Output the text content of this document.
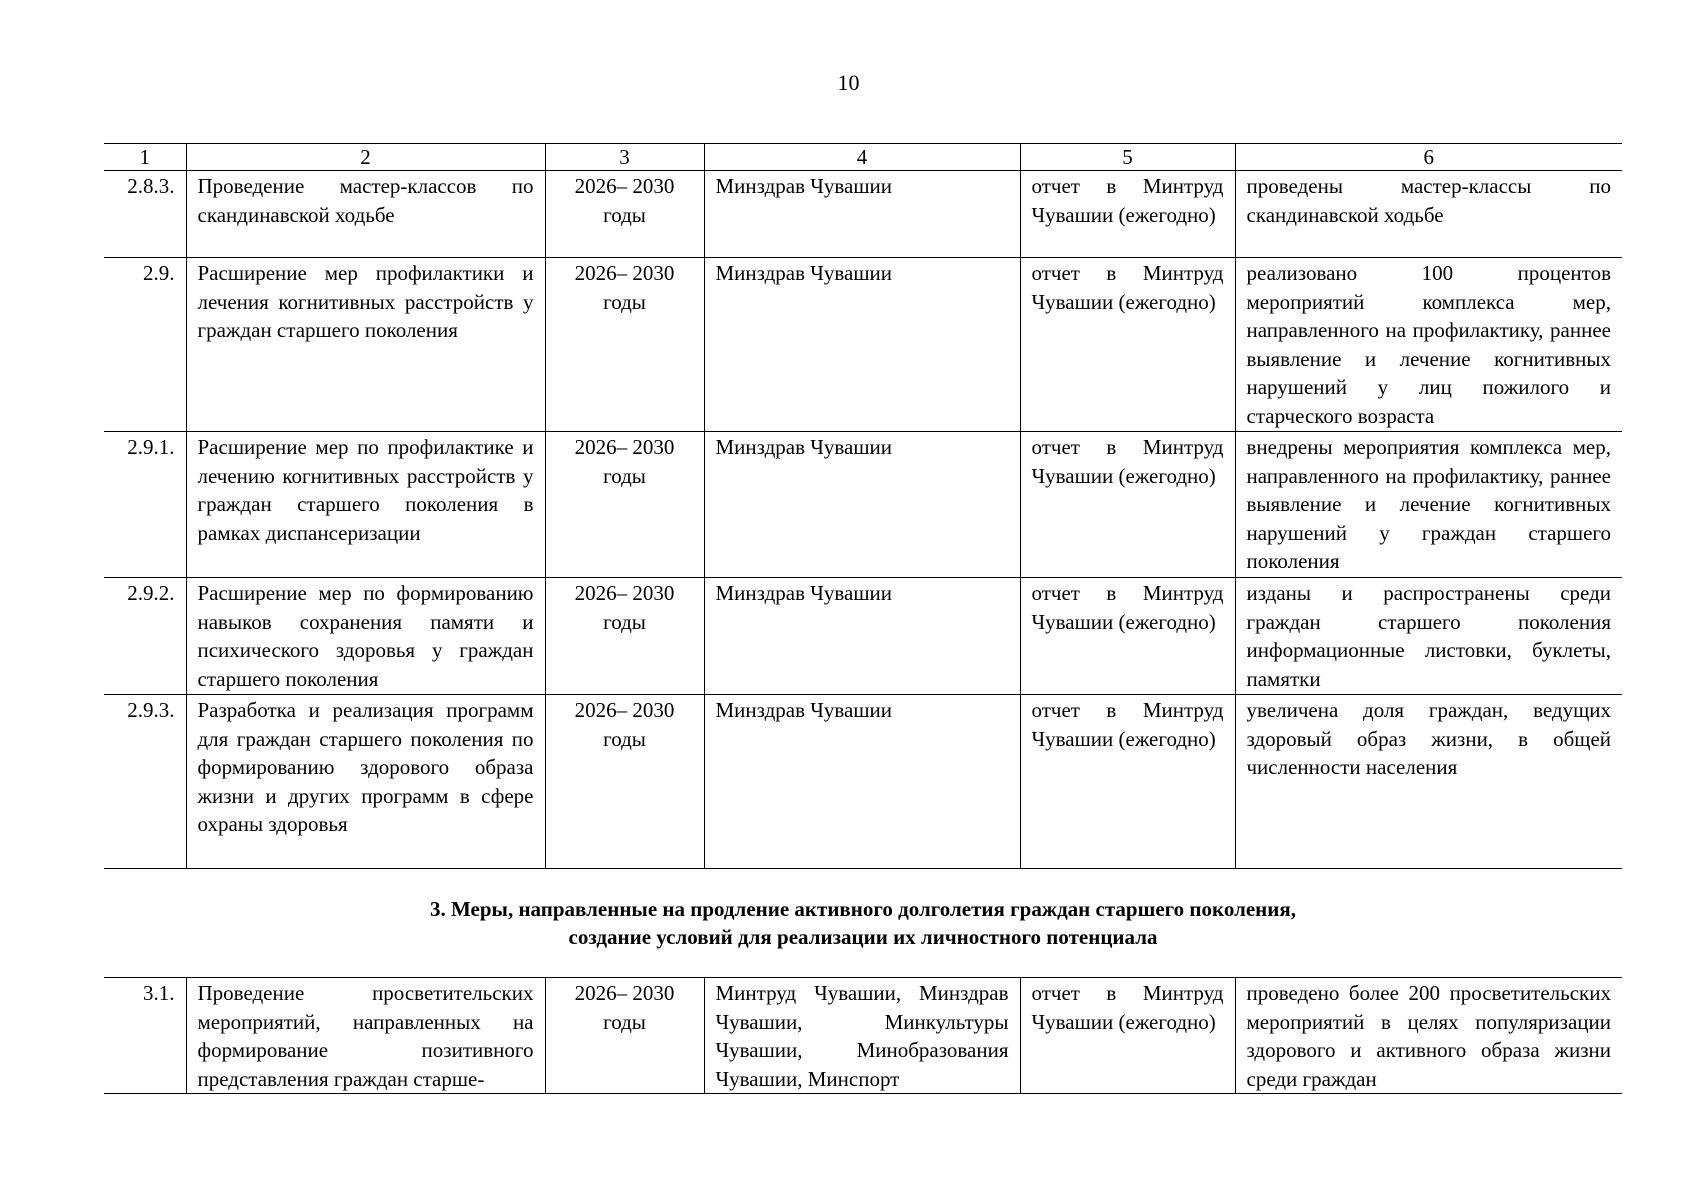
10
1	2	3	4	5	6
2.8.3.	Проведение мастер-классов по скандинавской ходьбе	2026– 2030 годы	Минздрав Чувашии	отчет в Минтруд Чувашии (ежегодно)	проведены мастер-классы по скандинавской ходьбе
2.9.	Расширение мер профилактики и лечения когнитивных расстройств у граждан старшего поколения	2026– 2030 годы	Минздрав Чувашии	отчет в Минтруд Чувашии (ежегодно)	реализовано 100 процентов мероприятий комплекса мер, направленного на профилактику, раннее выявление и лечение когнитивных нарушений у лиц пожилого и старческого возраста
2.9.1.	Расширение мер по профилактике и лечению когнитивных расстройств у граждан старшего поколения в рамках диспансеризации	2026– 2030 годы	Минздрав Чувашии	отчет в Минтруд Чувашии (ежегодно)	внедрены мероприятия комплекса мер, направленного на профилактику, раннее выявление и лечение когнитивных нарушений у граждан старшего поколения
2.9.2.	Расширение мер по формированию навыков сохранения памяти и психического здоровья у граждан старшего поколения	2026– 2030 годы	Минздрав Чувашии	отчет в Минтруд Чувашии (ежегодно)	изданы и распространены среди граждан старшего поколения информационные листовки, буклеты, памятки
2.9.3.	Разработка и реализация программ для граждан старшего поколения по формированию здорового образа жизни и других программ в сфере охраны здоровья	2026– 2030 годы	Минздрав Чувашии	отчет в Минтруд Чувашии (ежегодно)	увеличена доля граждан, ведущих здоровый образ жизни, в общей численности населения
3. Меры, направленные на продление активного долголетия граждан старшего поколения,
создание условий для реализации их личностного потенциала
3.1.	Проведение просветительских мероприятий, направленных на формирование позитивного представления граждан старше-	2026– 2030 годы	Минтруд Чувашии, Минздрав Чувашии, Минкультуры Чувашии, Минобразования Чувашии, Минспорт	отчет в Минтруд Чувашии (ежегодно)	проведено более 200 просветительских мероприятий в целях популяризации здорового и активного образа жизни среди граждан
